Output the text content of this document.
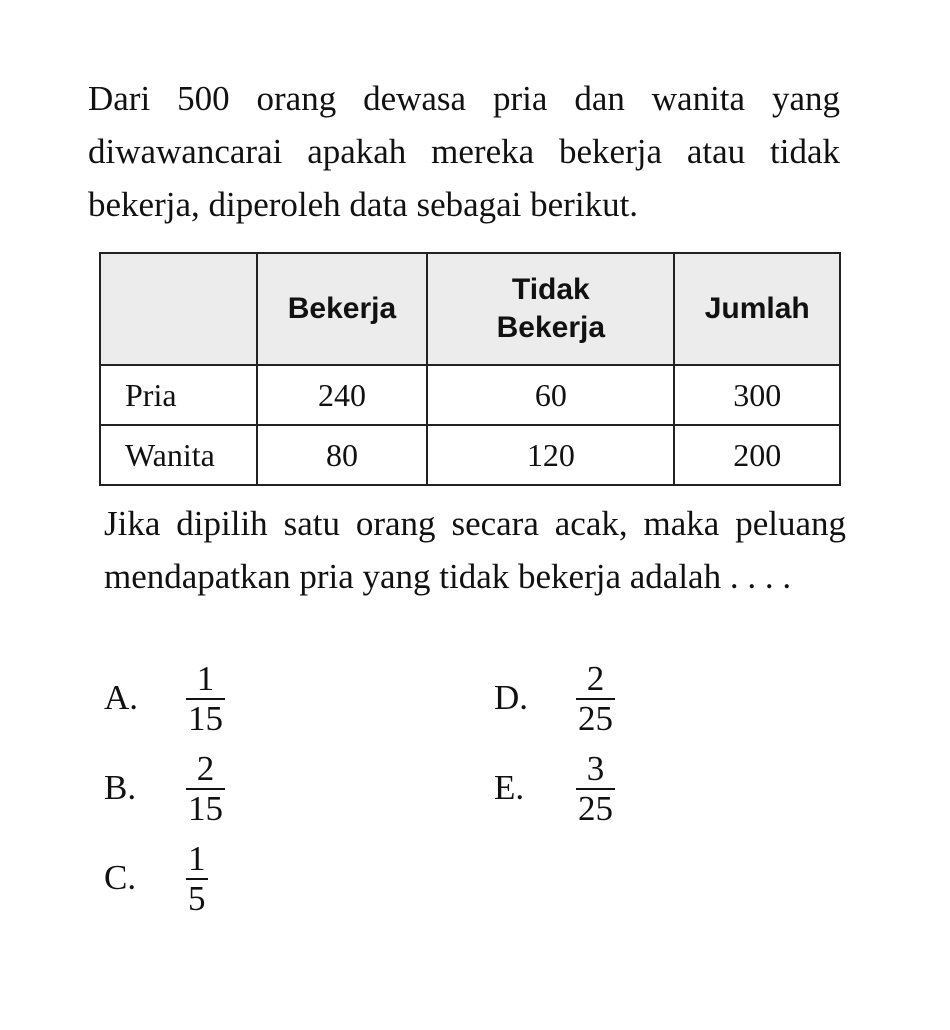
Dari 500 orang dewasa pria dan wanita yang diwawancarai apakah mereka bekerja atau tidak bekerja, diperoleh data sebagai berikut.

	Bekerja	Tidak Bekerja	Jumlah
Pria	240	60	300
Wanita	80	120	200

Jika dipilih satu orang secara acak, maka peluang mendapatkan pria yang tidak bekerja adalah . . . .

A. $\frac{1}{15}$
B. $\frac{2}{15}$
C. $\frac{1}{5}$
D. $\frac{2}{25}$
E. $\frac{3}{25}$
